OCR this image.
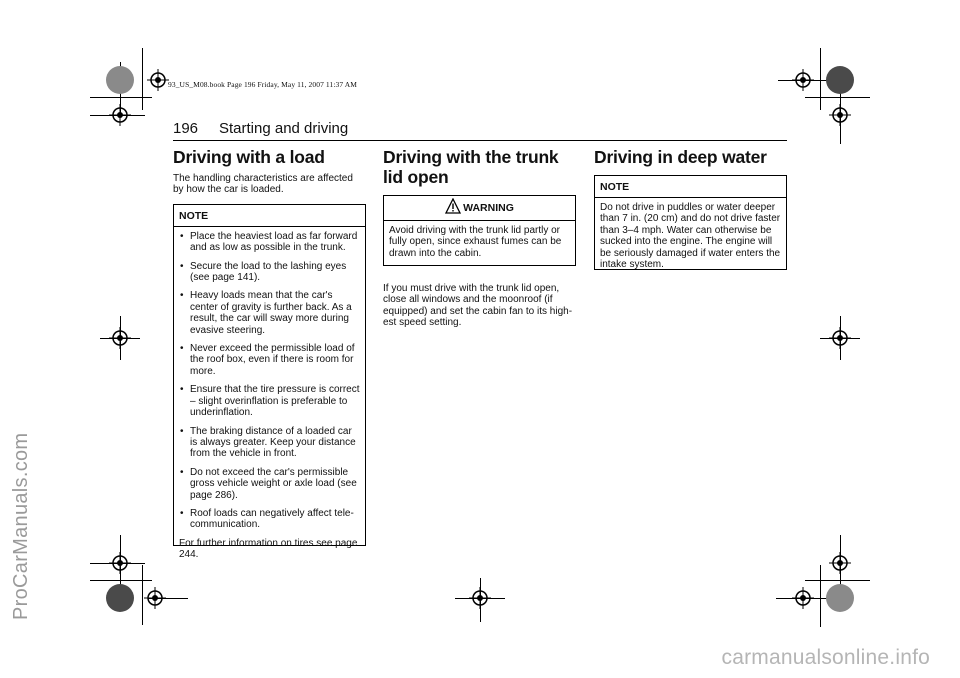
93_US_M08.book Page 196 Friday, May 11, 2007 11:37 AM
ProCarManuals.com
carmanualsonline.info
196 Starting and driving
Driving with a load

The handling characteristics are affected by how the car is loaded.

NOTE
• Place the heaviest load as far forward and as low as possible in the trunk.
• Secure the load to the lashing eyes (see page 141).
• Heavy loads mean that the car's center of gravity is further back. As a result, the car will sway more during evasive steering.
• Never exceed the permissible load of the roof box, even if there is room for more.
• Ensure that the tire pressure is correct – slight overinflation is preferable to underinflation.
• The braking distance of a loaded car is always greater. Keep your distance from the vehicle in front.
• Do not exceed the car's permissible gross vehicle weight or axle load (see page 286).
• Roof loads can negatively affect tele-communication.
For further information on tires see page 244.
Driving with the trunk lid open
WARNING
Avoid driving with the trunk lid partly or fully open, since exhaust fumes can be drawn into the cabin.

If you must drive with the trunk lid open, close all windows and the moonroof (if equipped) and set the cabin fan to its high-est speed setting.

Driving in deep water
NOTE
Do not drive in puddles or water deeper than 7 in. (20 cm) and do not drive faster than 3–4 mph. Water can otherwise be sucked into the engine. The engine will be seriously damaged if water enters the intake system.
